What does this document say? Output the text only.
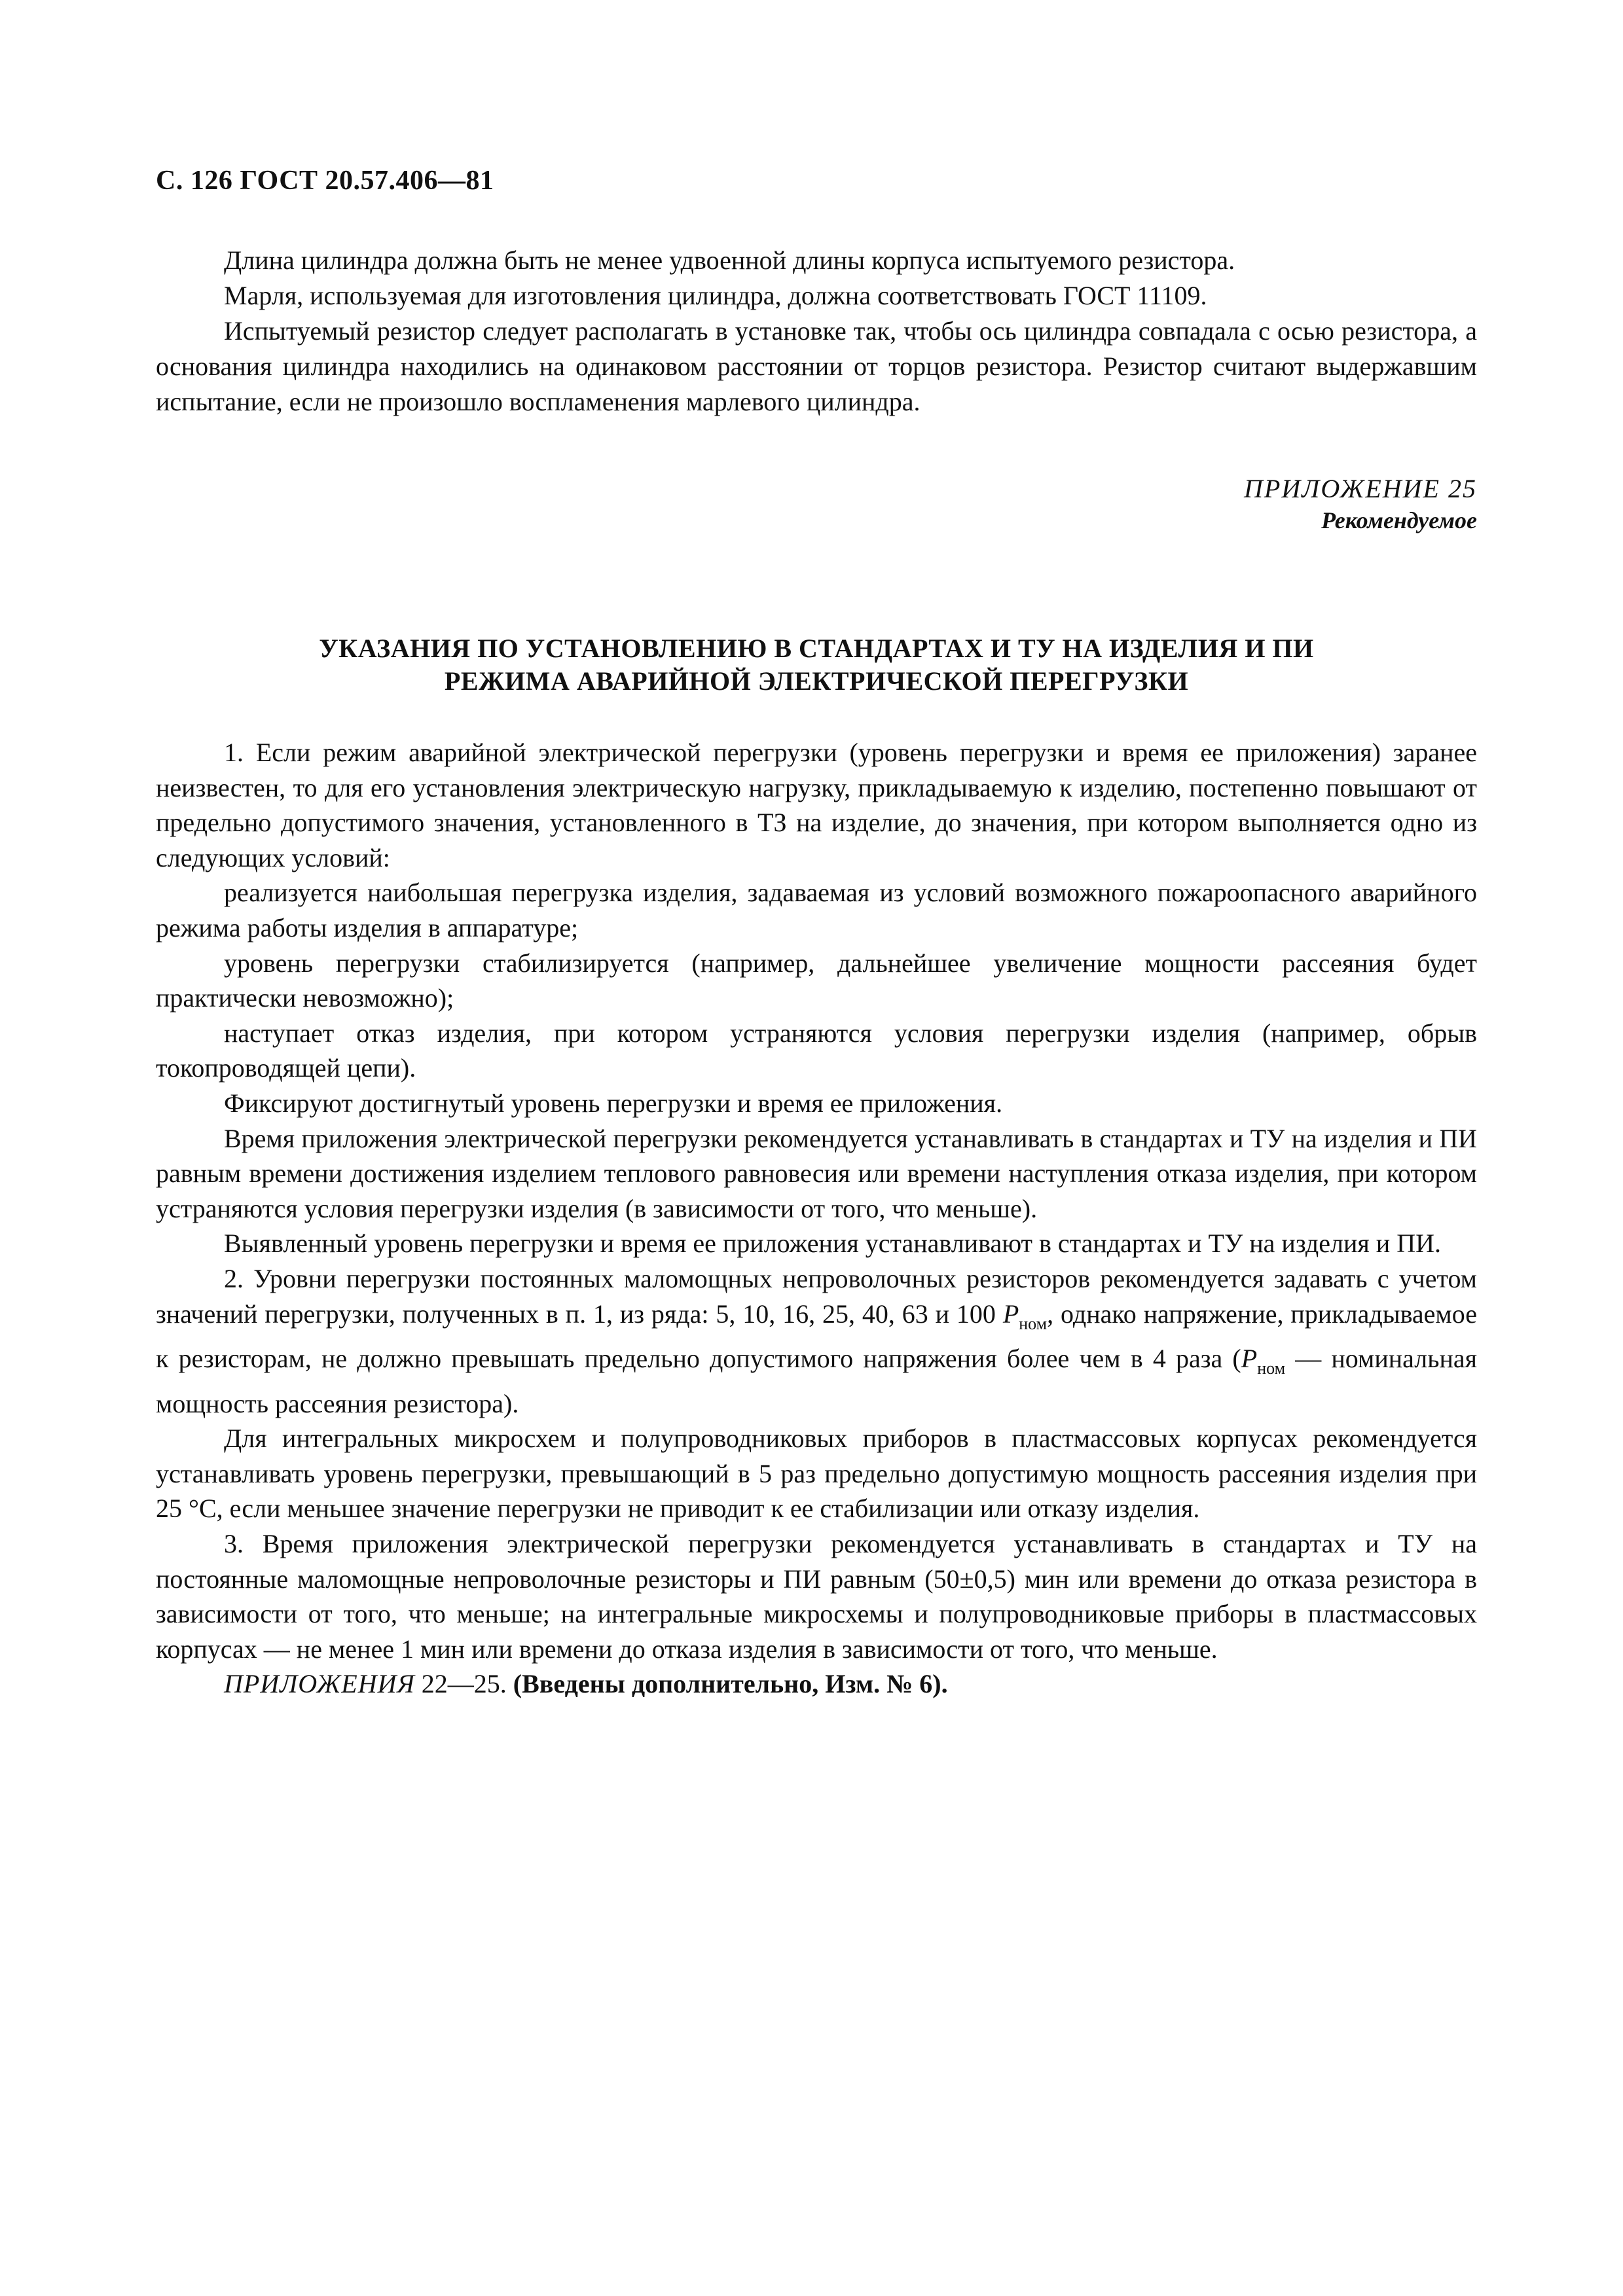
С. 126 ГОСТ 20.57.406—81

Длина цилиндра должна быть не менее удвоенной длины корпуса испытуемого резистора.

Марля, используемая для изготовления цилиндра, должна соответствовать ГОСТ 11109.

Испытуемый резистор следует располагать в установке так, чтобы ось цилиндра совпадала с осью резистора, а основания цилиндра находились на одинаковом расстоянии от торцов резистора. Резистор считают выдержавшим испытание, если не произошло воспламенения марлевого цилиндра.

ПРИЛОЖЕНИЕ 25
Рекомендуемое
УКАЗАНИЯ ПО УСТАНОВЛЕНИЮ В СТАНДАРТАХ И ТУ НА ИЗДЕЛИЯ И ПИ
РЕЖИМА АВАРИЙНОЙ ЭЛЕКТРИЧЕСКОЙ ПЕРЕГРУЗКИ

1. Если режим аварийной электрической перегрузки (уровень перегрузки и время ее приложения) заранее неизвестен, то для его установления электрическую нагрузку, прикладываемую к изделию, постепенно повышают от предельно допустимого значения, установленного в ТЗ на изделие, до значения, при котором выполняется одно из следующих условий:

реализуется наибольшая перегрузка изделия, задаваемая из условий возможного пожароопасного аварийного режима работы изделия в аппаратуре;

уровень перегрузки стабилизируется (например, дальнейшее увеличение мощности рассеяния будет практически невозможно);

наступает отказ изделия, при котором устраняются условия перегрузки изделия (например, обрыв токопроводящей цепи).

Фиксируют достигнутый уровень перегрузки и время ее приложения.

Время приложения электрической перегрузки рекомендуется устанавливать в стандартах и ТУ на изделия и ПИ равным времени достижения изделием теплового равновесия или времени наступления отказа изделия, при котором устраняются условия перегрузки изделия (в зависимости от того, что меньше).

Выявленный уровень перегрузки и время ее приложения устанавливают в стандартах и ТУ на изделия и ПИ.

2. Уровни перегрузки постоянных маломощных непроволочных резисторов рекомендуется задавать с учетом значений перегрузки, полученных в п. 1, из ряда: 5, 10, 16, 25, 40, 63 и 100 $P_{ном}$, однако напряжение, прикладываемое к резисторам, не должно превышать предельно допустимого напряжения более чем в 4 раза ($P_{ном}$ — номинальная мощность рассеяния резистора).

Для интегральных микросхем и полупроводниковых приборов в пластмассовых корпусах рекомендуется устанавливать уровень перегрузки, превышающий в 5 раз предельно допустимую мощность рассеяния изделия при 25 °С, если меньшее значение перегрузки не приводит к ее стабилизации или отказу изделия.

3. Время приложения электрической перегрузки рекомендуется устанавливать в стандартах и ТУ на постоянные маломощные непроволочные резисторы и ПИ равным (50±0,5) мин или времени до отказа резистора в зависимости от того, что меньше; на интегральные микросхемы и полупроводниковые приборы в пластмассовых корпусах — не менее 1 мин или времени до отказа изделия в зависимости от того, что меньше.

ПРИЛОЖЕНИЯ 22—25. (Введены дополнительно, Изм. № 6).
